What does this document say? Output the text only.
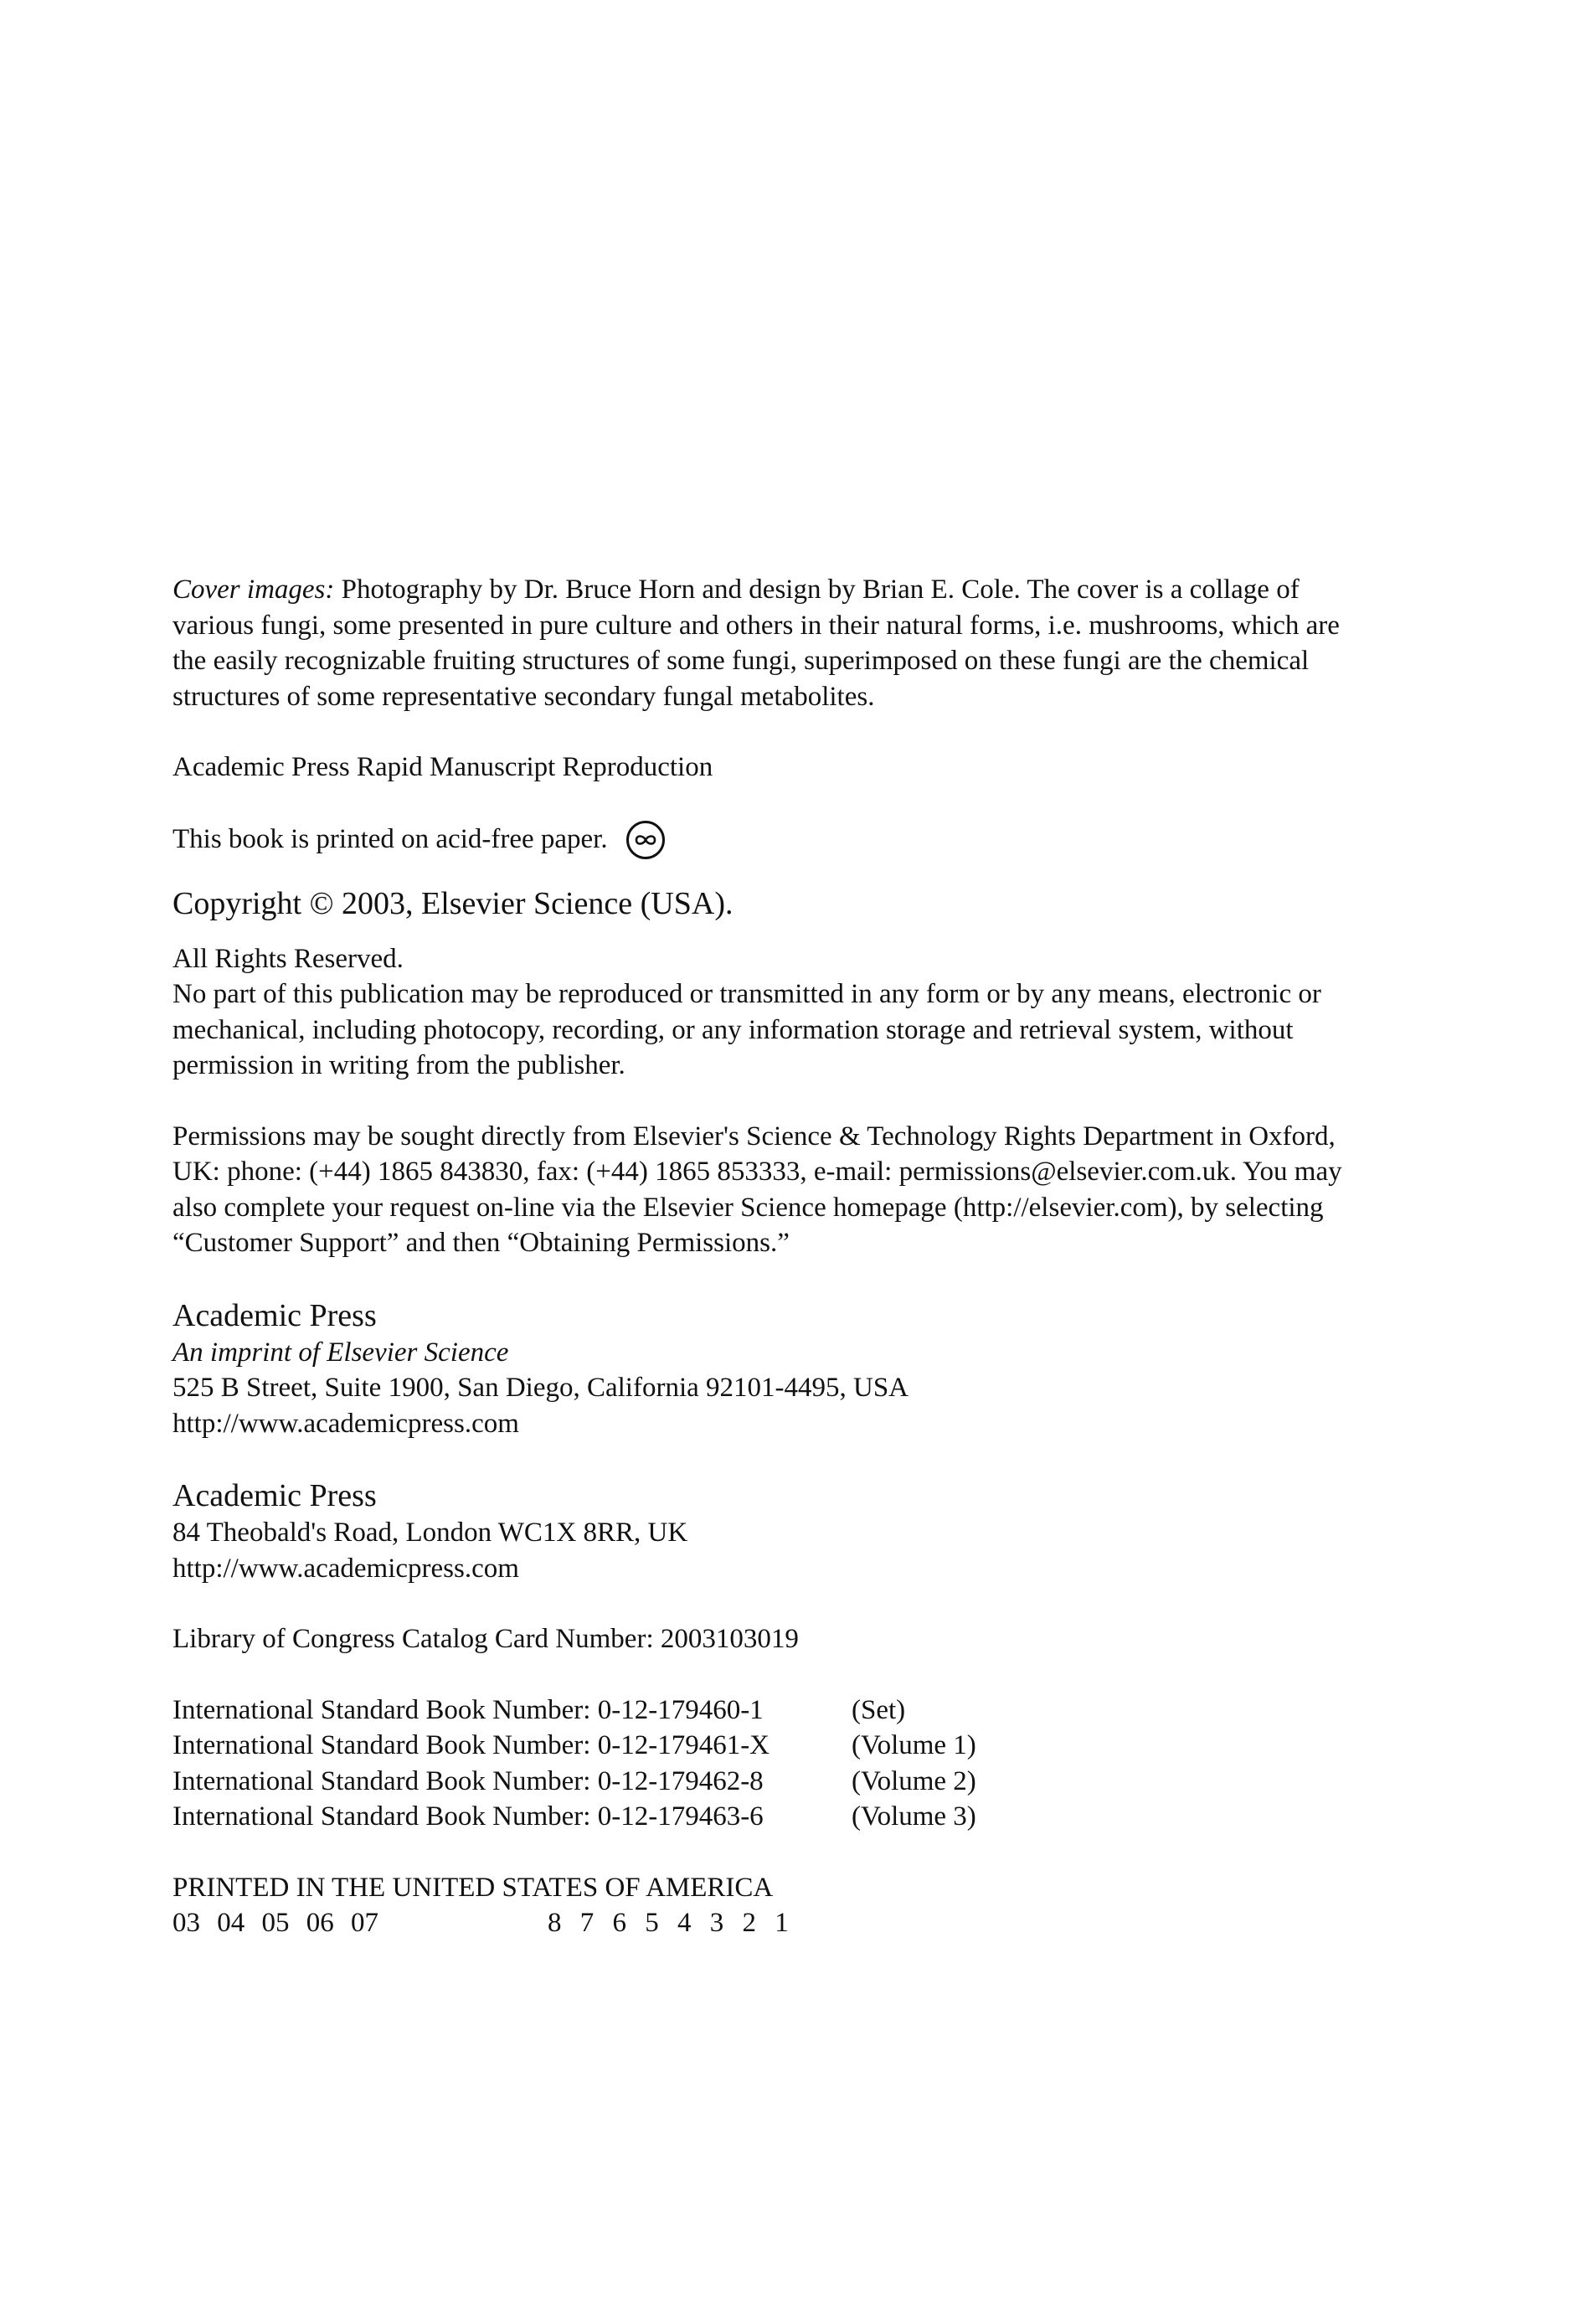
Cover images: Photography by Dr. Bruce Horn and design by Brian E. Cole. The cover is a collage of various fungi, some presented in pure culture and others in their natural forms, i.e. mushrooms, which are the easily recognizable fruiting structures of some fungi, superimposed on these fungi are the chemical structures of some representative secondary fungal metabolites.

Academic Press Rapid Manuscript Reproduction

This book is printed on acid-free paper.

Copyright © 2003, Elsevier Science (USA).

All Rights Reserved.

No part of this publication may be reproduced or transmitted in any form or by any means, electronic or mechanical, including photocopy, recording, or any information storage and retrieval system, without permission in writing from the publisher.

Permissions may be sought directly from Elsevier's Science & Technology Rights Department in Oxford, UK: phone: (+44) 1865 843830, fax: (+44) 1865 853333, e-mail: permissions@elsevier.com.uk. You may also complete your request on-line via the Elsevier Science homepage (http://elsevier.com), by selecting “Customer Support” and then “Obtaining Permissions.”

Academic Press

An imprint of Elsevier Science

525 B Street, Suite 1900, San Diego, California 92101-4495, USA

http://www.academicpress.com

Academic Press

84 Theobald's Road, London WC1X 8RR, UK

http://www.academicpress.com

Library of Congress Catalog Card Number: 2003103019

International Standard Book Number: 0-12-179460-1	(Set)
International Standard Book Number: 0-12-179461-X	(Volume 1)
International Standard Book Number: 0-12-179462-8	(Volume 2)
International Standard Book Number: 0-12-179463-6	(Volume 3)

PRINTED IN THE UNITED STATES OF AMERICA

03 04 05 06 07	8 7 6 5 4 3 2 1
